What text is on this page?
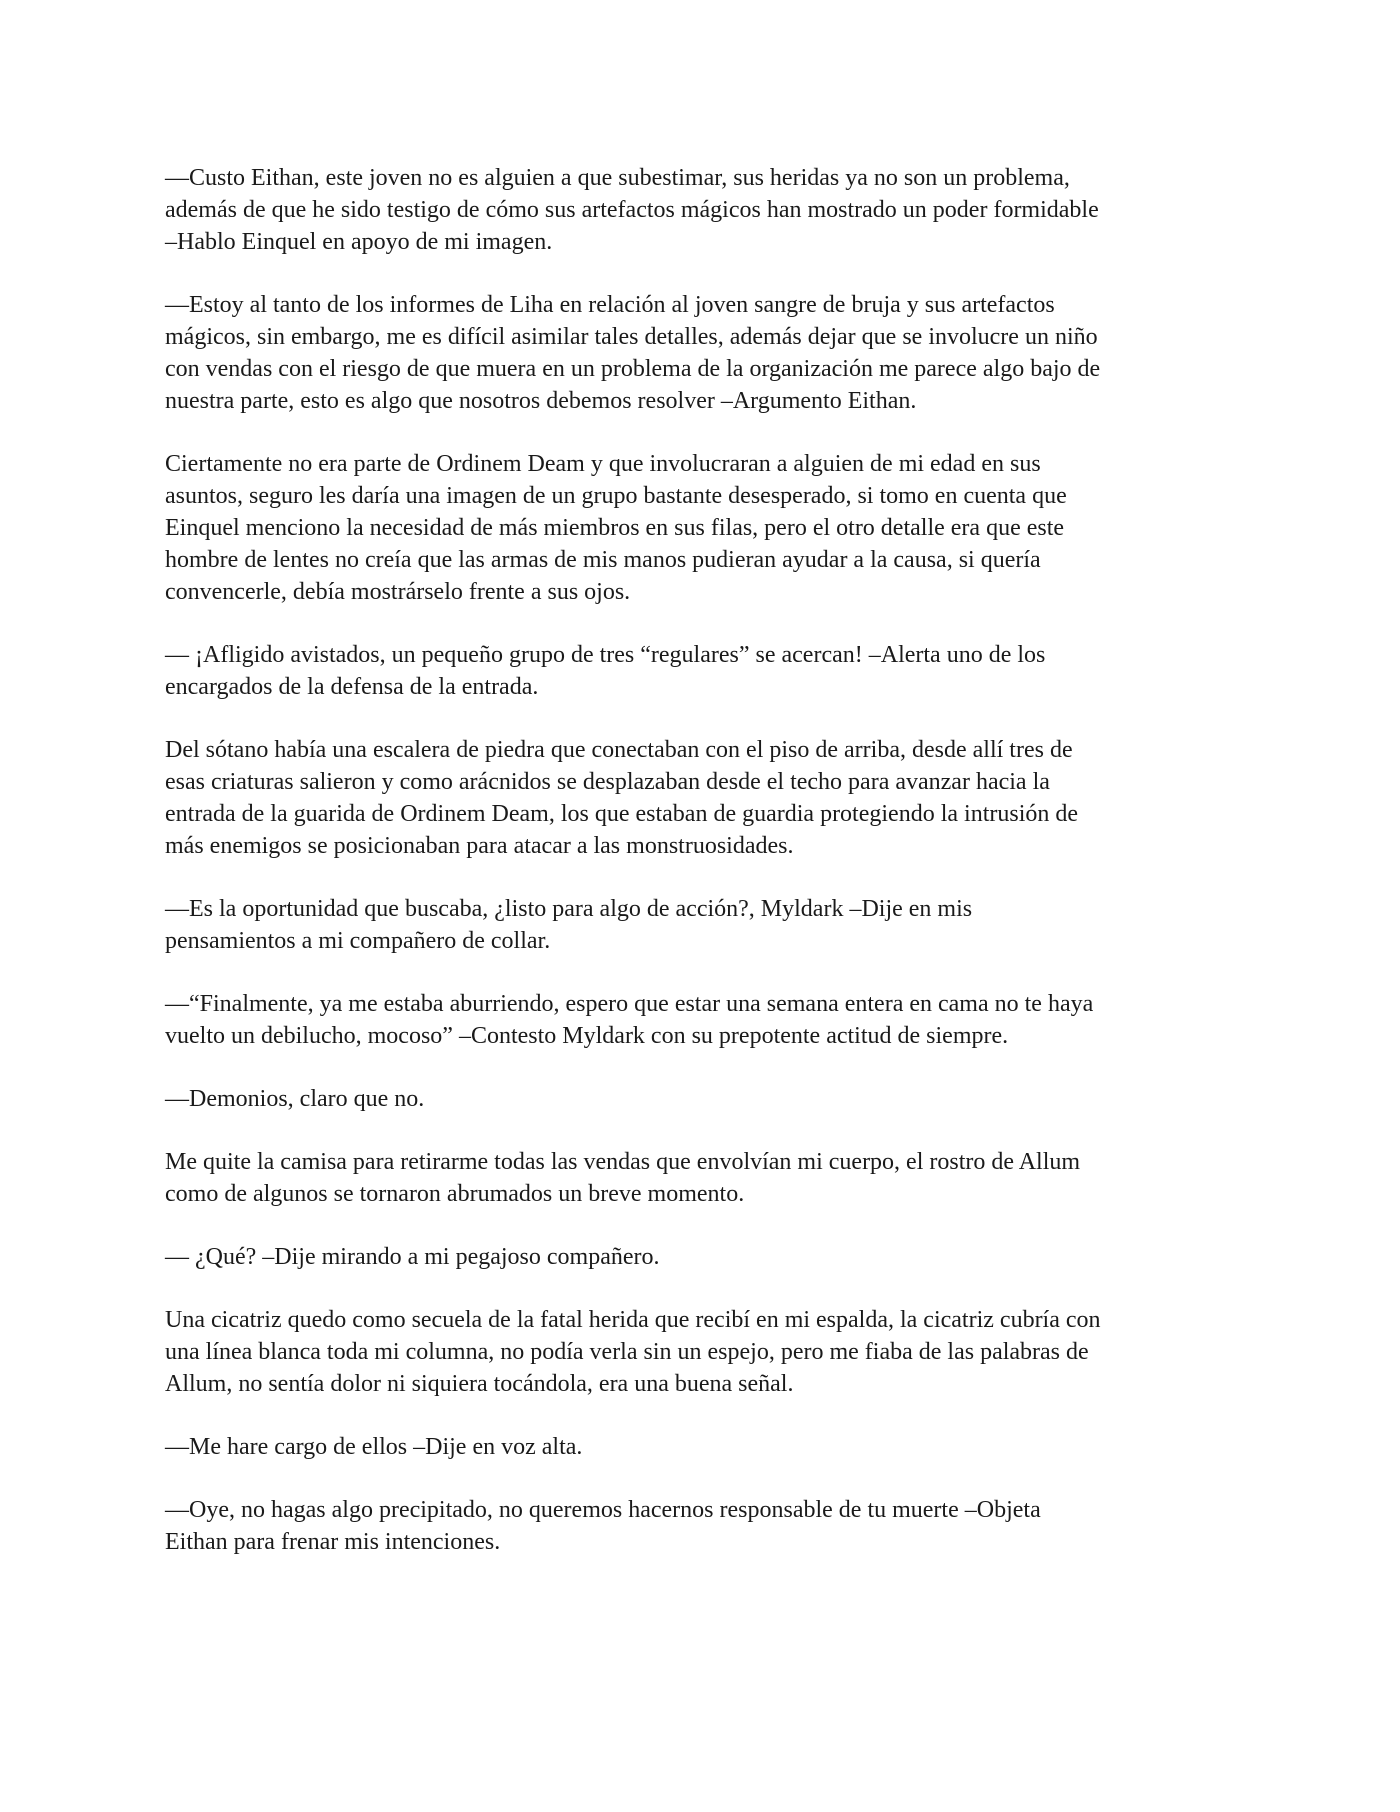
—Custo Eithan, este joven no es alguien a que subestimar, sus heridas ya no son un problema,
además de que he sido testigo de cómo sus artefactos mágicos han mostrado un poder formidable
–Hablo Einquel en apoyo de mi imagen.

—Estoy al tanto de los informes de Liha en relación al joven sangre de bruja y sus artefactos
mágicos, sin embargo, me es difícil asimilar tales detalles, además dejar que se involucre un niño
con vendas con el riesgo de que muera en un problema de la organización me parece algo bajo de
nuestra parte, esto es algo que nosotros debemos resolver –Argumento Eithan.

Ciertamente no era parte de Ordinem Deam y que involucraran a alguien de mi edad en sus
asuntos, seguro les daría una imagen de un grupo bastante desesperado, si tomo en cuenta que
Einquel menciono la necesidad de más miembros en sus filas, pero el otro detalle era que este
hombre de lentes no creía que las armas de mis manos pudieran ayudar a la causa, si quería
convencerle, debía mostrárselo frente a sus ojos.

— ¡Afligido avistados, un pequeño grupo de tres “regulares” se acercan! –Alerta uno de los
encargados de la defensa de la entrada.

Del sótano había una escalera de piedra que conectaban con el piso de arriba, desde allí tres de
esas criaturas salieron y como arácnidos se desplazaban desde el techo para avanzar hacia la
entrada de la guarida de Ordinem Deam, los que estaban de guardia protegiendo la intrusión de
más enemigos se posicionaban para atacar a las monstruosidades.

—Es la oportunidad que buscaba, ¿listo para algo de acción?, Myldark –Dije en mis
pensamientos a mi compañero de collar.

—“Finalmente, ya me estaba aburriendo, espero que estar una semana entera en cama no te haya
vuelto un debilucho, mocoso” –Contesto Myldark con su prepotente actitud de siempre.

—Demonios, claro que no.

Me quite la camisa para retirarme todas las vendas que envolvían mi cuerpo, el rostro de Allum
como de algunos se tornaron abrumados un breve momento.

— ¿Qué? –Dije mirando a mi pegajoso compañero.

Una cicatriz quedo como secuela de la fatal herida que recibí en mi espalda, la cicatriz cubría con
una línea blanca toda mi columna, no podía verla sin un espejo, pero me fiaba de las palabras de
Allum, no sentía dolor ni siquiera tocándola, era una buena señal.

—Me hare cargo de ellos –Dije en voz alta.

—Oye, no hagas algo precipitado, no queremos hacernos responsable de tu muerte –Objeta
Eithan para frenar mis intenciones.
